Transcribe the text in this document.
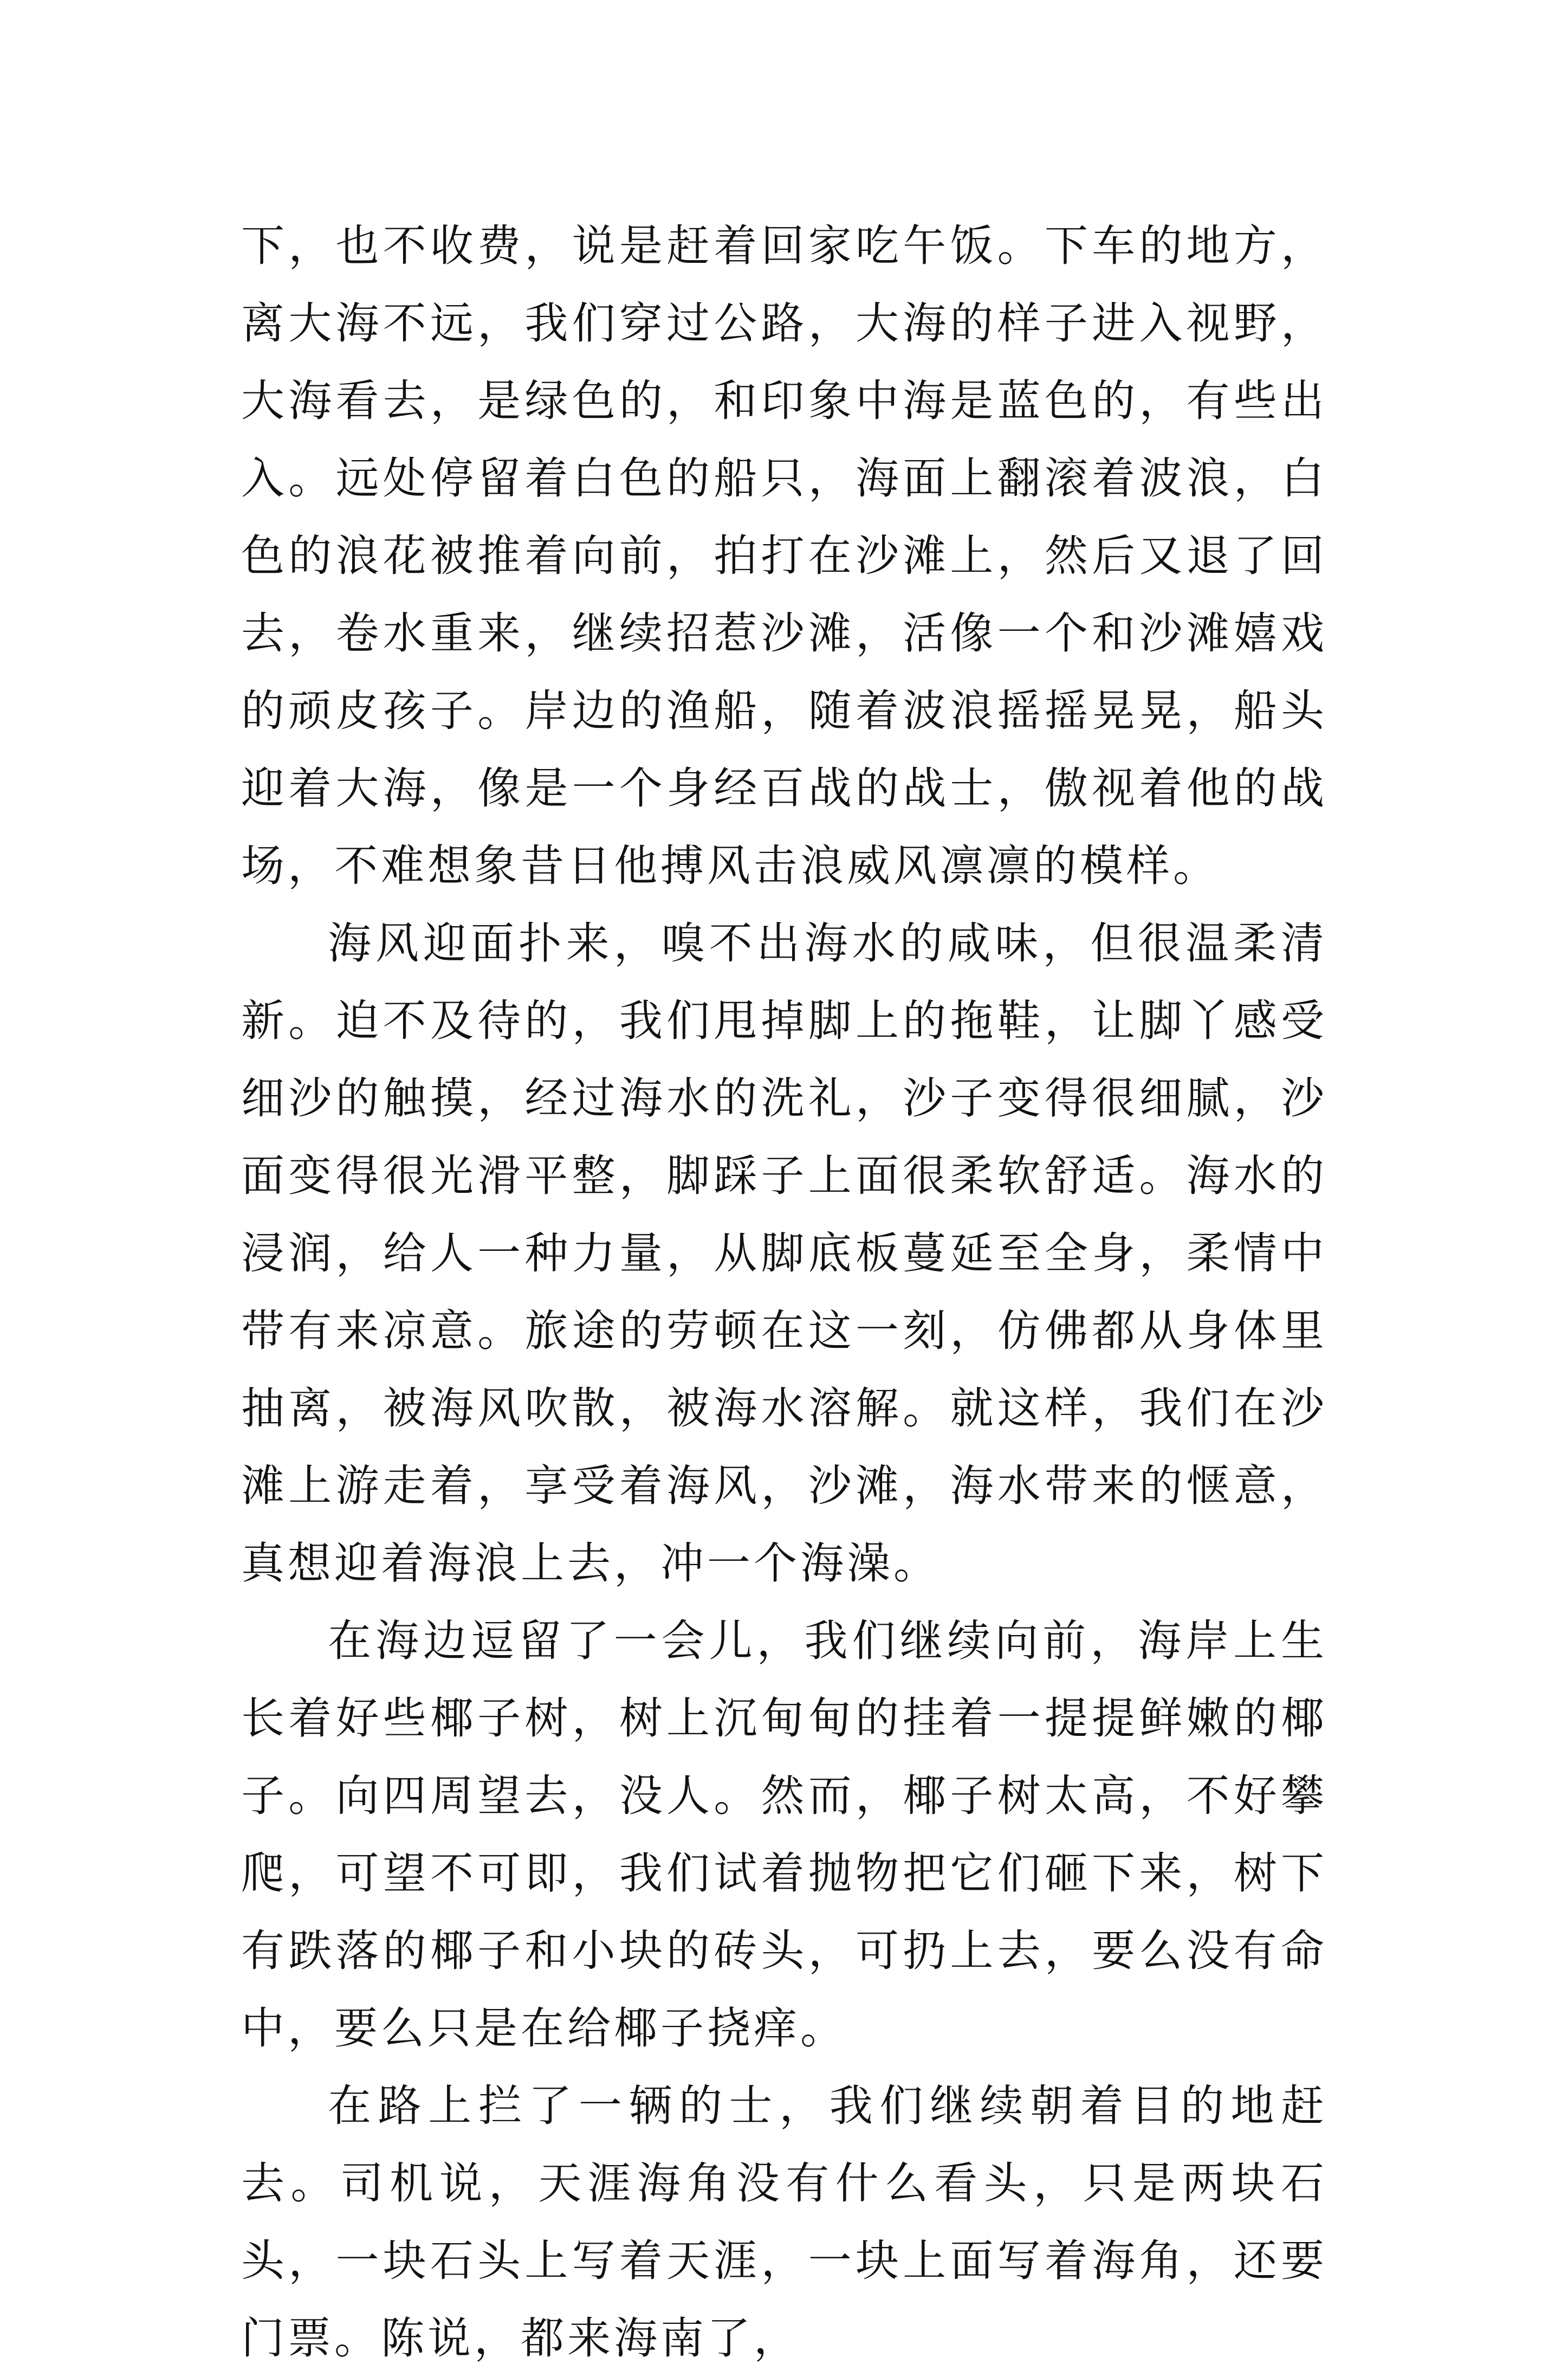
下，也不收费，说是赶着回家吃午饭。下车的地方，离大海不远，我们穿过公路，大海的样子进入视野，大海看去，是绿色的，和印象中海是蓝色的，有些出入。远处停留着白色的船只，海面上翻滚着波浪，白色的浪花被推着向前，拍打在沙滩上，然后又退了回去，卷水重来，继续招惹沙滩，活像一个和沙滩嬉戏的顽皮孩子。岸边的渔船，随着波浪摇摇晃晃，船头迎着大海，像是一个身经百战的战士，傲视着他的战场，不难想象昔日他搏风击浪威风凛凛的模样。

海风迎面扑来，嗅不出海水的咸味，但很温柔清新。迫不及待的，我们甩掉脚上的拖鞋，让脚丫感受细沙的触摸，经过海水的洗礼，沙子变得很细腻，沙面变得很光滑平整，脚踩子上面很柔软舒适。海水的浸润，给人一种力量，从脚底板蔓延至全身，柔情中带有来凉意。旅途的劳顿在这一刻，仿佛都从身体里抽离，被海风吹散，被海水溶解。就这样，我们在沙滩上游走着，享受着海风，沙滩，海水带来的惬意，真想迎着海浪上去，冲一个海澡。

在海边逗留了一会儿，我们继续向前，海岸上生长着好些椰子树，树上沉甸甸的挂着一提提鲜嫩的椰子。向四周望去，没人。然而，椰子树太高，不好攀爬，可望不可即，我们试着抛物把它们砸下来，树下有跌落的椰子和小块的砖头，可扔上去，要么没有命中，要么只是在给椰子挠痒。

在路上拦了一辆的士，我们继续朝着目的地赶去。司机说，天涯海角没有什么看头，只是两块石头，一块石头上写着天涯，一块上面写着海角，还要门票。陈说，都来海南了，
